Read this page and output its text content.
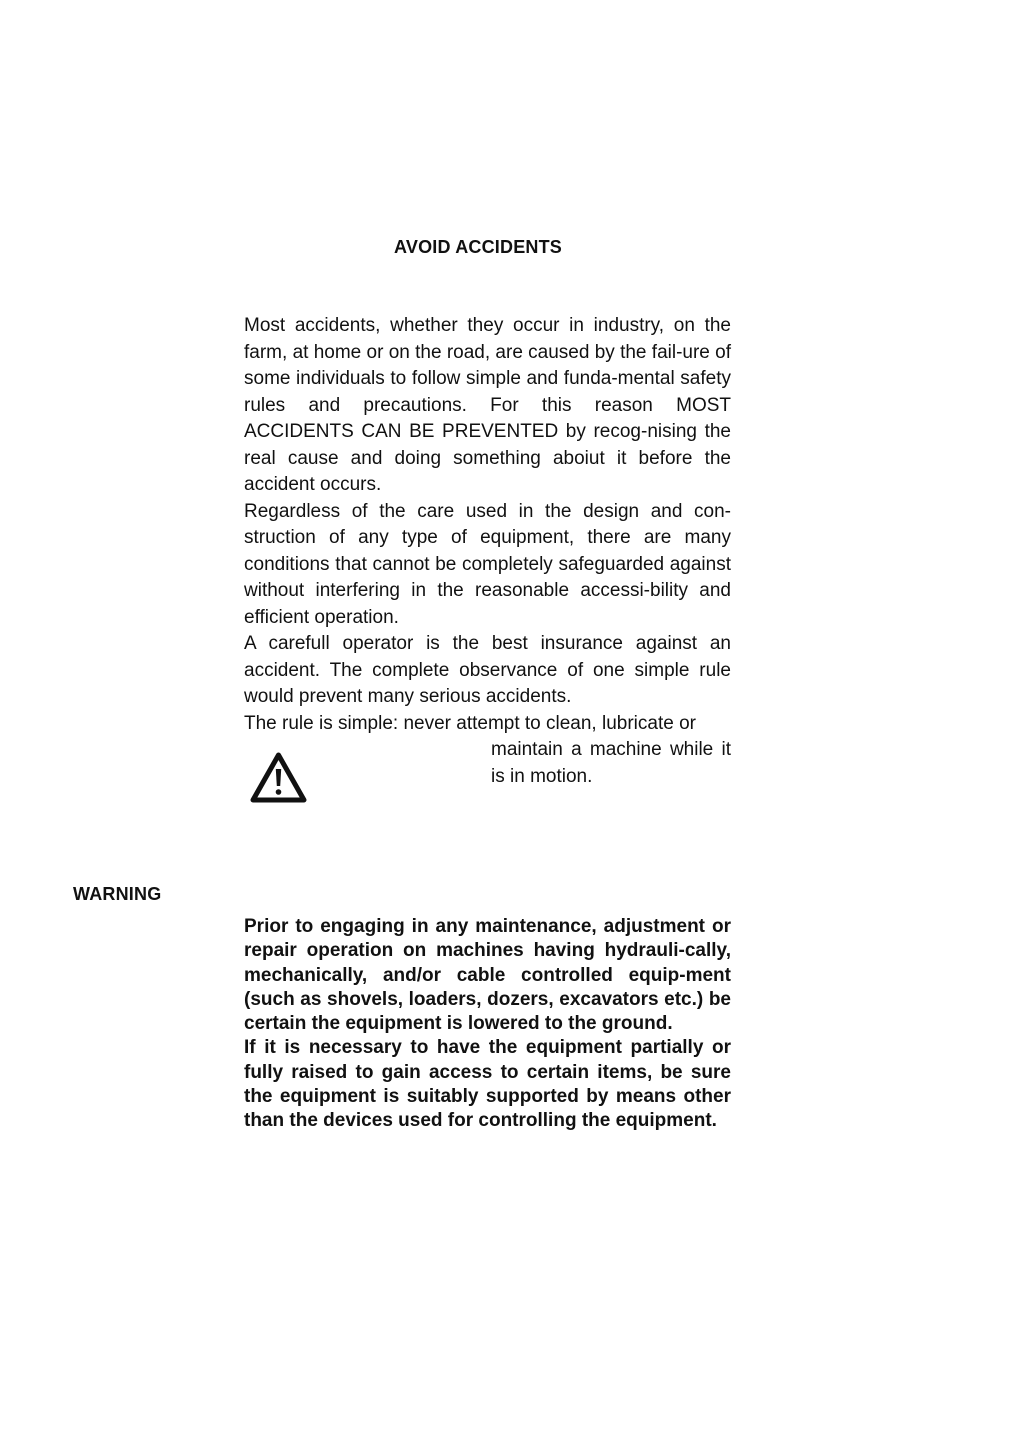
AVOID ACCIDENTS

Most accidents, whether they occur in industry, on the farm, at home or on the road, are caused by the fail-ure of some individuals to follow simple and funda-mental safety rules and precautions. For this reason MOST ACCIDENTS CAN BE PREVENTED by recog-nising the real cause and doing something aboiut it before the accident occurs.

Regardless of the care used in the design and con-struction of any type of equipment, there are many conditions that cannot be completely safeguarded against without interfering in the reasonable accessi-bility and efficient operation.

A carefull operator is the best insurance against an accident. The complete observance of one simple rule would prevent many serious accidents.

The rule is simple: never attempt to clean, lubricate or

maintain a machine while it is in motion.
WARNING

Prior to engaging in any maintenance, adjustment or repair operation on machines having hydrauli-cally, mechanically, and/or cable controlled equip-ment (such as shovels, loaders, dozers, excavators etc.) be certain the equipment is lowered to the ground.

If it is necessary to have the equipment partially or fully raised to gain access to certain items, be sure the equipment is suitably supported by means other than the devices used for controlling the equipment.
